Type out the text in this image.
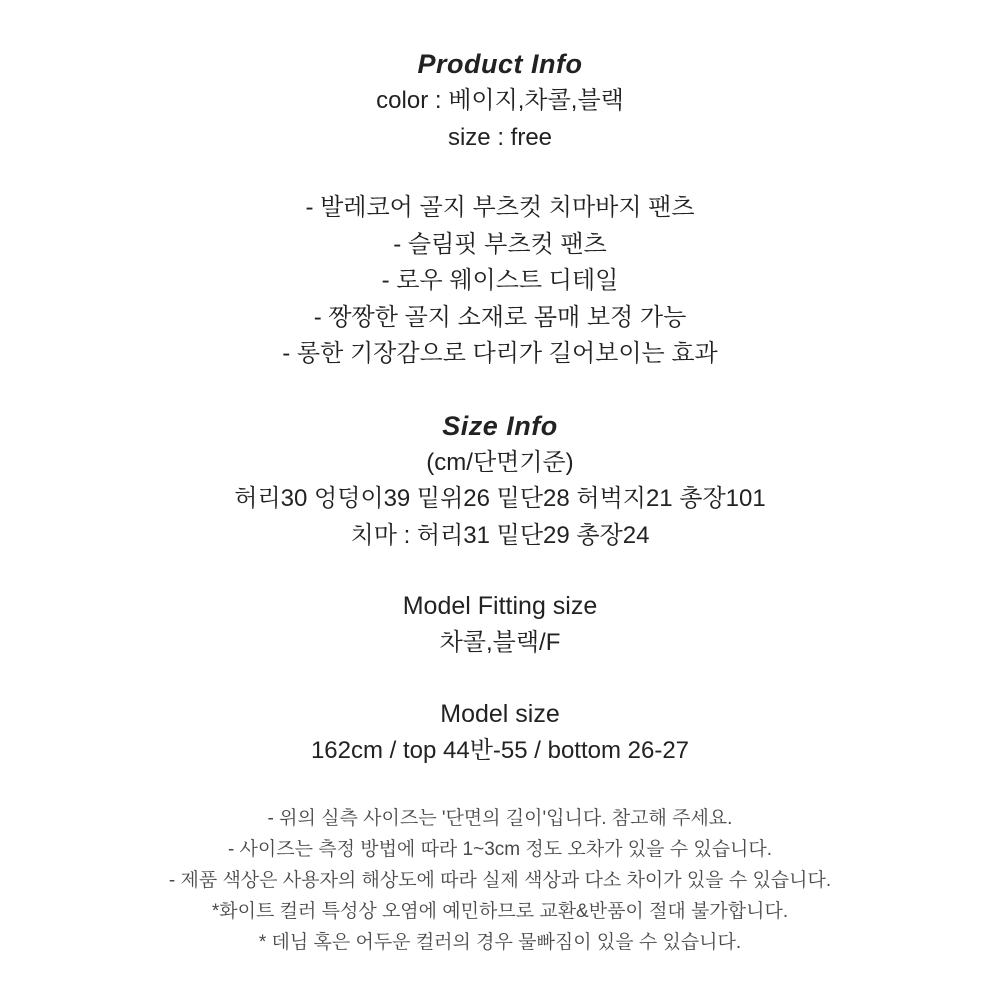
Product Info

color : 베이지,차콜,블랙

size : free

- 발레코어 골지 부츠컷 치마바지 팬츠

- 슬림핏 부츠컷 팬츠

- 로우 웨이스트 디테일

- 짱짱한 골지 소재로 몸매 보정 가능

- 롱한 기장감으로 다리가 길어보이는 효과

Size Info

(cm/단면기준)

허리30 엉덩이39 밑위26 밑단28 허벅지21 총장101

치마 : 허리31 밑단29 총장24

Model Fitting size

차콜,블랙/F

Model size

162cm / top 44반-55 / bottom 26-27

- 위의 실측 사이즈는 '단면의 길이'입니다. 참고해 주세요.

- 사이즈는 측정 방법에 따라 1~3cm 정도 오차가 있을 수 있습니다.

- 제품 색상은 사용자의 해상도에 따라 실제 색상과 다소 차이가 있을 수 있습니다.

*화이트 컬러 특성상 오염에 예민하므로 교환&반품이 절대 불가합니다.

* 데님 혹은 어두운 컬러의 경우 물빠짐이 있을 수 있습니다.
